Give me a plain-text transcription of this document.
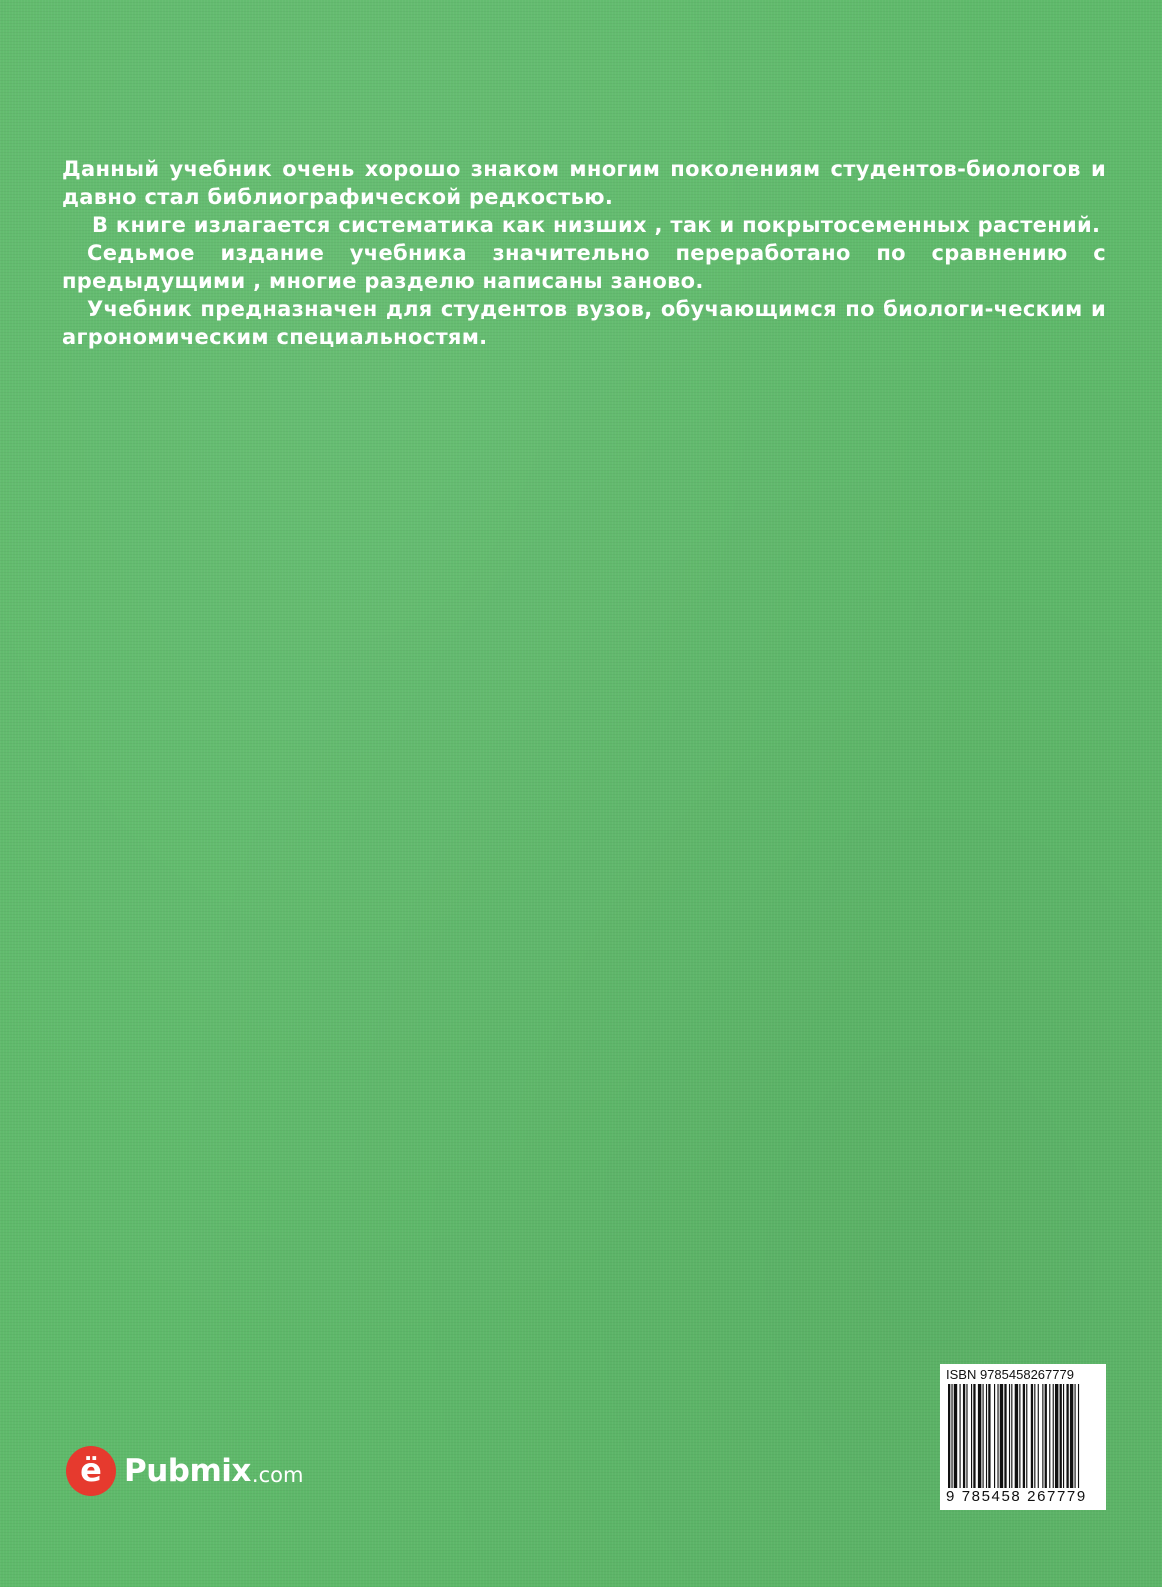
Данный учебник очень хорошо знаком многим поколениям студентов-биологов и давно стал библиографической редкостью.

В книге излагается систематика как низших , так и покрытосеменных растений.

Седьмое издание учебника значительно переработано по сравнению с предыдущими , многие разделю написаны заново.

Учебник предназначен для студентов вузов, обучающимся по биологи-ческим и агрономическим специальностям.

ё Pubmix .com
ISBN 9785458267779
9 785458 267779
